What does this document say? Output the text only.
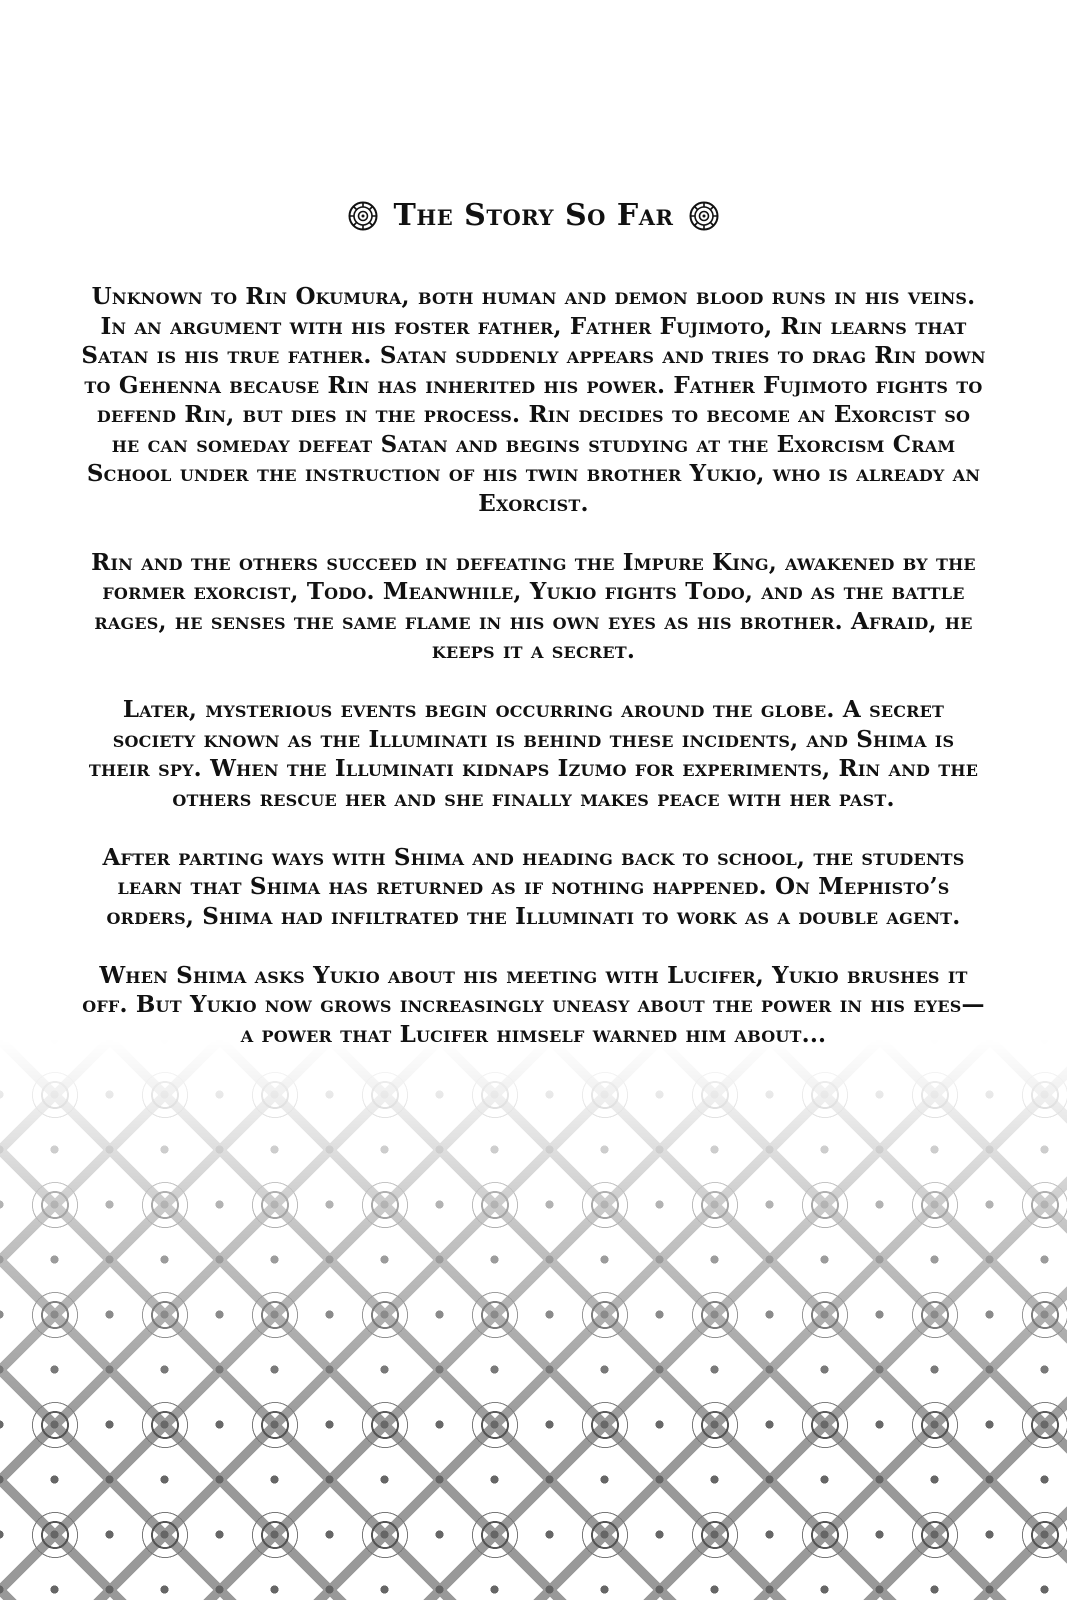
The Story So Far

Unknown to Rin Okumura, both human and demon blood runs in his veins. In an argument with his foster father, Father Fujimoto, Rin learns that Satan is his true father. Satan suddenly appears and tries to drag Rin down to Gehenna because Rin has inherited his power. Father Fujimoto fights to defend Rin, but dies in the process. Rin decides to become an Exorcist so he can someday defeat Satan and begins studying at the Exorcism Cram School under the instruction of his twin brother Yukio, who is already an Exorcist.

Rin and the others succeed in defeating the Impure King, awakened by the former exorcist, Todo. Meanwhile, Yukio fights Todo, and as the battle rages, he senses the same flame in his own eyes as his brother. Afraid, he keeps it a secret.

Later, mysterious events begin occurring around the globe. A secret society known as the Illuminati is behind these incidents, and Shima is their spy. When the Illuminati kidnaps Izumo for experiments, Rin and the others rescue her and she finally makes peace with her past.

After parting ways with Shima and heading back to school, the students learn that Shima has returned as if nothing happened. On Mephisto’s orders, Shima had infiltrated the Illuminati to work as a double agent.

When Shima asks Yukio about his meeting with Lucifer, Yukio brushes it off. But Yukio now grows increasingly uneasy about the power in his eyes—a power that Lucifer himself warned him about...
